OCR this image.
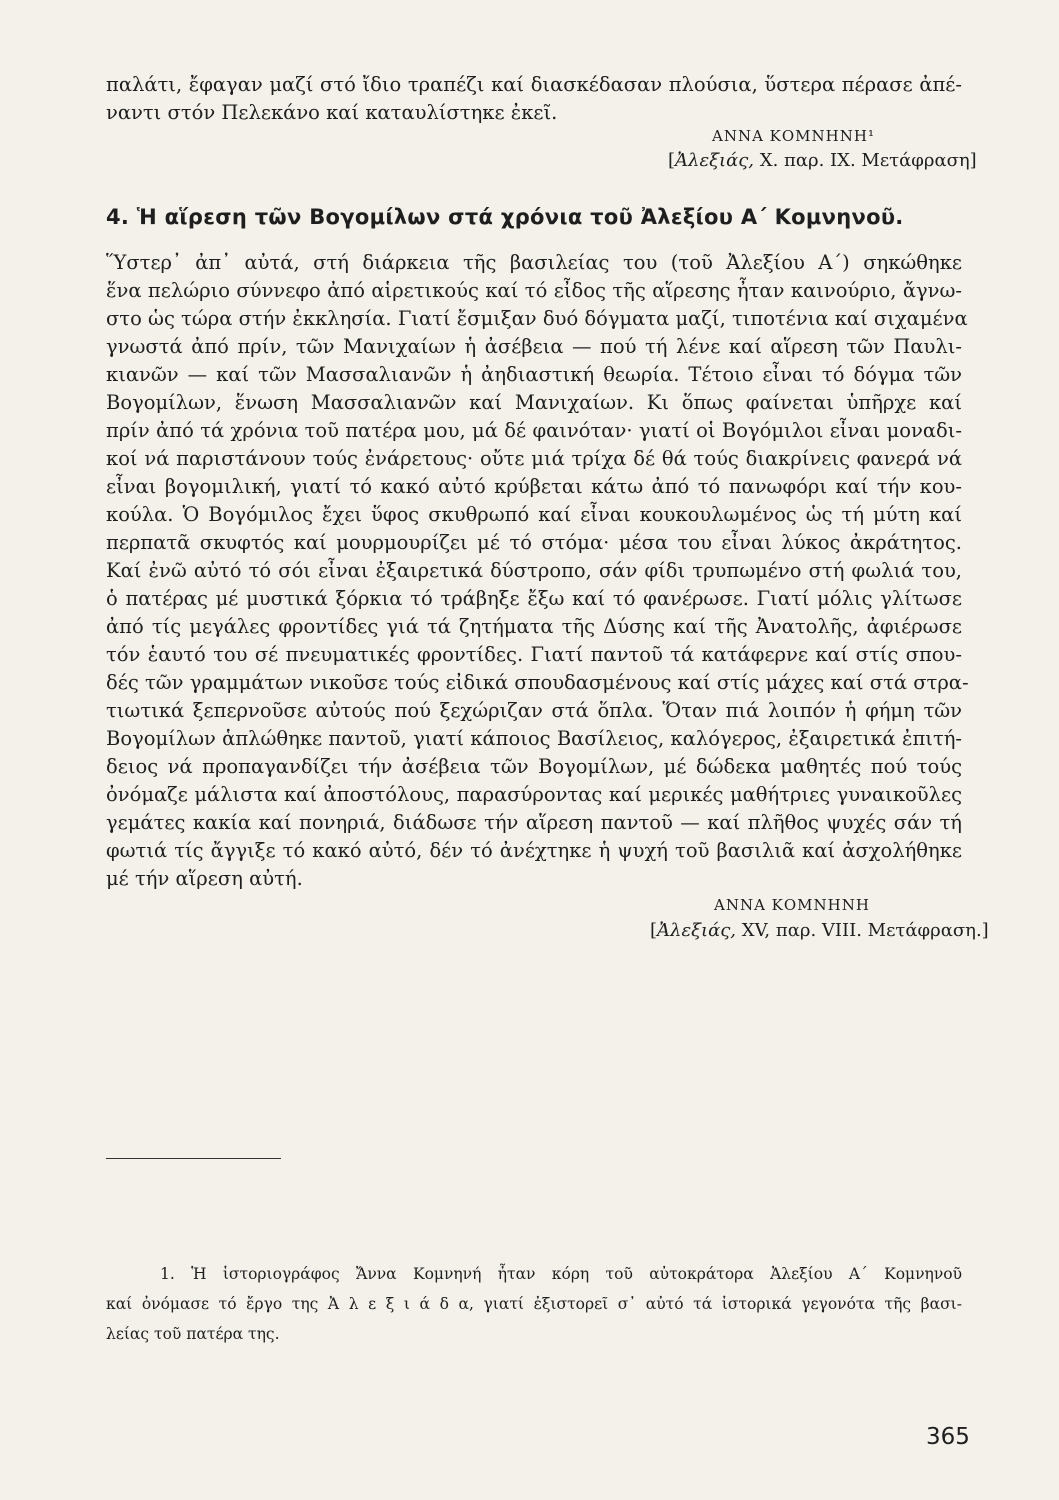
παλάτι, ἔφαγαν μαζί στό ἴδιο τραπέζι καί διασκέδασαν πλούσια, ὕστερα πέρασε ἀπέ-
ναντι στόν Πελεκάνο καί καταυλίστηκε ἐκεῖ.
ΑΝΝΑ ΚΟΜΝΗΝΗ¹
[Ἀλεξιάς, X. παρ. IX. Μετάφραση]
4. Ἡ αἵρεση τῶν Βογομίλων στά χρόνια τοῦ Ἀλεξίου Α΄ Κομνηνοῦ.
Ὕστερ᾽ ἀπ᾽ αὐτά, στή διάρκεια τῆς βασιλείας του (τοῦ Ἀλεξίου Α΄) σηκώθηκε
ἕνα πελώριο σύννεφο ἀπό αἱρετικούς καί τό εἶδος τῆς αἵρεσης ἦταν καινούριο, ἄγνω-
στο ὡς τώρα στήν ἐκκλησία. Γιατί ἔσμιξαν δυό δόγματα μαζί, τιποτένια καί σιχαμένα
γνωστά ἀπό πρίν, τῶν Μανιχαίων ἡ ἀσέβεια — πού τή λένε καί αἵρεση τῶν Παυλι-
κιανῶν — καί τῶν Μασσαλιανῶν ἡ ἀηδιαστική θεωρία. Τέτοιο εἶναι τό δόγμα τῶν
Βογομίλων, ἕνωση Μασσαλιανῶν καί Μανιχαίων. Κι ὅπως φαίνεται ὑπῆρχε καί
πρίν ἀπό τά χρόνια τοῦ πατέρα μου, μά δέ φαινόταν· γιατί οἱ Βογόμιλοι εἶναι μοναδι-
κοί νά παριστάνουν τούς ἐνάρετους· οὔτε μιά τρίχα δέ θά τούς διακρίνεις φανερά νά
εἶναι βογομιλική, γιατί τό κακό αὐτό κρύβεται κάτω ἀπό τό πανωφόρι καί τήν κου-
κούλα. Ὁ Βογόμιλος ἔχει ὕφος σκυθρωπό καί εἶναι κουκουλωμένος ὡς τή μύτη καί
περπατᾶ σκυφτός καί μουρμουρίζει μέ τό στόμα· μέσα του εἶναι λύκος ἀκράτητος.
Καί ἐνῶ αὐτό τό σόι εἶναι ἐξαιρετικά δύστροπο, σάν φίδι τρυπωμένο στή φωλιά του,
ὁ πατέρας μέ μυστικά ξόρκια τό τράβηξε ἔξω καί τό φανέρωσε. Γιατί μόλις γλίτωσε
ἀπό τίς μεγάλες φροντίδες γιά τά ζητήματα τῆς Δύσης καί τῆς Ἀνατολῆς, ἀφιέρωσε
τόν ἑαυτό του σέ πνευματικές φροντίδες. Γιατί παντοῦ τά κατάφερνε καί στίς σπου-
δές τῶν γραμμάτων νικοῦσε τούς εἰδικά σπουδασμένους καί στίς μάχες καί στά στρα-
τιωτικά ξεπερνοῦσε αὐτούς πού ξεχώριζαν στά ὅπλα. Ὅταν πιά λοιπόν ἡ φήμη τῶν
Βογομίλων ἁπλώθηκε παντοῦ, γιατί κάποιος Βασίλειος, καλόγερος, ἐξαιρετικά ἐπιτή-
δειος νά προπαγανδίζει τήν ἀσέβεια τῶν Βογομίλων, μέ δώδεκα μαθητές πού τούς
ὀνόμαζε μάλιστα καί ἀποστόλους, παρασύροντας καί μερικές μαθήτριες γυναικοῦλες
γεμάτες κακία καί πονηριά, διάδωσε τήν αἵρεση παντοῦ — καί πλῆθος ψυχές σάν τή
φωτιά τίς ἄγγιξε τό κακό αὐτό, δέν τό ἀνέχτηκε ἡ ψυχή τοῦ βασιλιᾶ καί ἀσχολήθηκε
μέ τήν αἵρεση αὐτή.
ΑΝΝΑ ΚΟΜΝΗΝΗ
[Ἀλεξιάς, XV, παρ. VIII. Μετάφραση.]
1. Ἡ ἱστοριογράφος Ἄννα Κομνηνή ἦταν κόρη τοῦ αὐτοκράτορα Ἀλεξίου Α΄ Κομνηνοῦ
καί ὀνόμασε τό ἔργο της Ἀ λ ε ξ ι ά δ α, γιατί ἐξιστορεῖ σ᾽ αὐτό τά ἱστορικά γεγονότα τῆς βασι-
λείας τοῦ πατέρα της.
365
